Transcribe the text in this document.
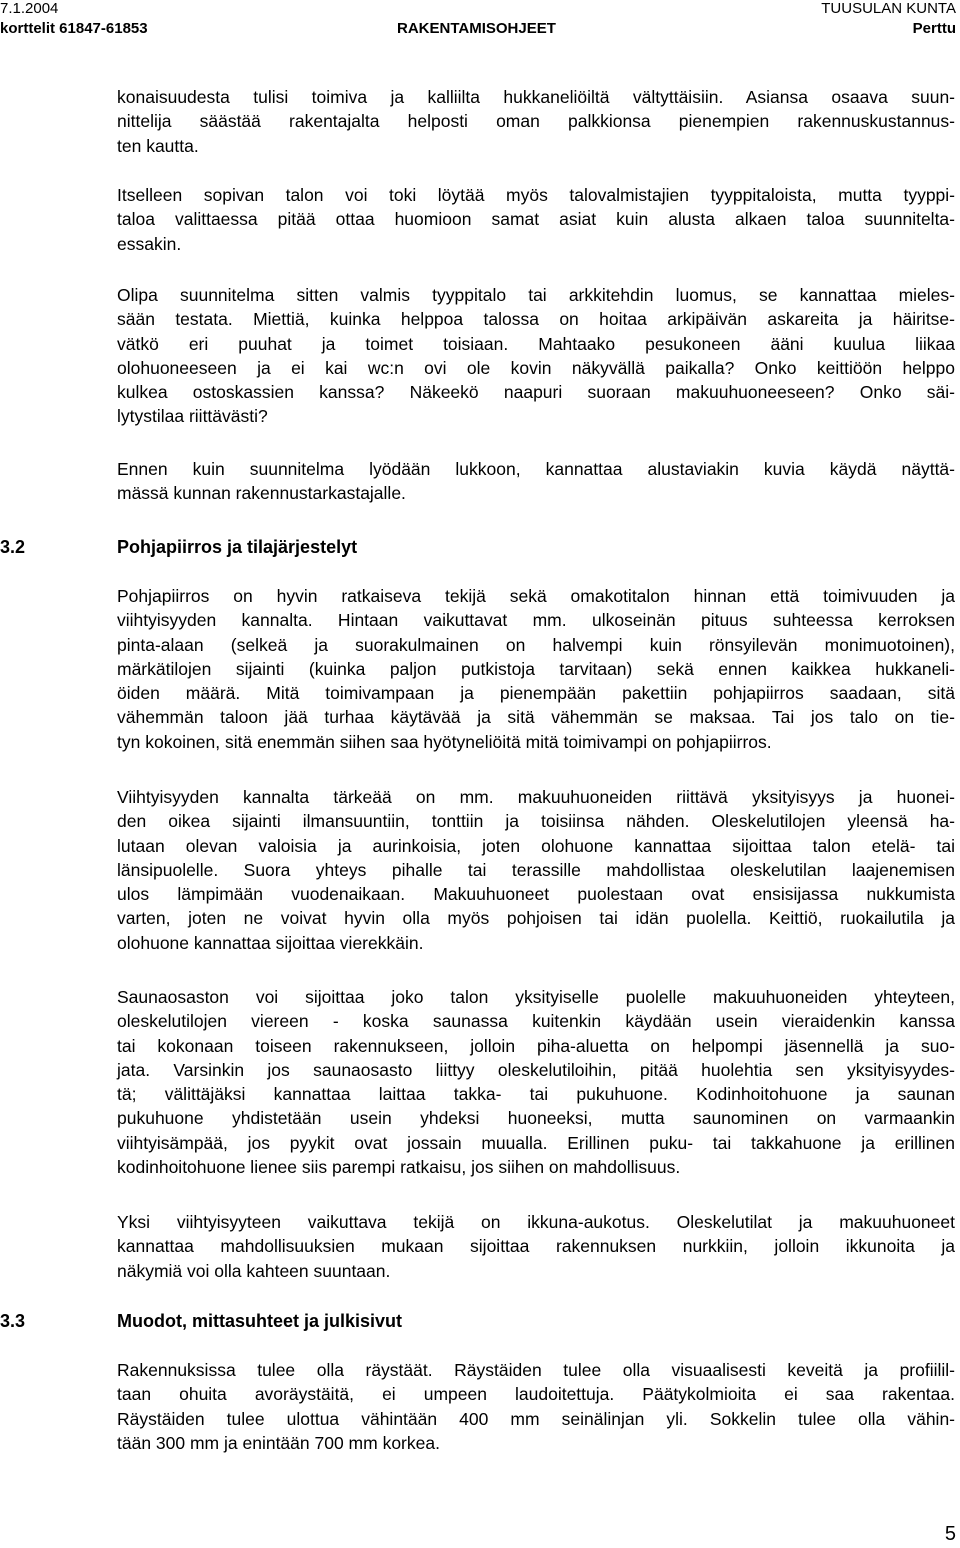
7.1.2004
korttelit 61847-61853	RAKENTAMISOHJEET
TUUSULAN KUNTA
Perttu
konaisuudesta tulisi toimiva ja kalliilta hukkaneliöiltä vältyttäisiin. Asiansa osaava suun-
nittelija säästää rakentajalta helposti oman palkkionsa pienempien rakennuskustannus-
ten kautta.
Itselleen sopivan talon voi toki löytää myös talovalmistajien tyyppitaloista, mutta tyyppi-
taloa valittaessa pitää ottaa huomioon samat asiat kuin alusta alkaen taloa suunnitelta-
essakin.
Olipa suunnitelma sitten valmis tyyppitalo tai arkkitehdin luomus, se kannattaa mieles-
sään testata. Miettiä, kuinka helppoa talossa on hoitaa arkipäivän askareita ja häiritse-
vätkö eri puuhat ja toimet toisiaan. Mahtaako pesukoneen ääni kuulua liikaa
olohuoneeseen ja ei kai wc:n ovi ole kovin näkyvällä paikalla? Onko keittiöön helppo
kulkea ostoskassien kanssa? Näkeekö naapuri suoraan makuuhuoneeseen? Onko säi-
lytystilaa riittävästi?
Ennen kuin suunnitelma lyödään lukkoon, kannattaa alustaviakin kuvia käydä näyttä-
mässä kunnan rakennustarkastajalle.
3.2	Pohjapiirros ja tilajärjestelyt
Pohjapiirros on hyvin ratkaiseva tekijä sekä omakotitalon hinnan että toimivuuden ja
viihtyisyyden kannalta. Hintaan vaikuttavat mm. ulkoseinän pituus suhteessa kerroksen
pinta-alaan (selkeä ja suorakulmainen on halvempi kuin rönsyilevän monimuotoinen),
märkätilojen sijainti (kuinka paljon putkistoja tarvitaan) sekä ennen kaikkea hukkaneli-
öiden määrä. Mitä toimivampaan ja pienempään pakettiin pohjapiirros saadaan, sitä
vähemmän taloon jää turhaa käytävää ja sitä vähemmän se maksaa. Tai jos talo on tie-
tyn kokoinen, sitä enemmän siihen saa hyötyneliöitä mitä toimivampi on pohjapiirros.
Viihtyisyyden kannalta tärkeää on mm. makuuhuoneiden riittävä yksityisyys ja huonei-
den oikea sijainti ilmansuuntiin, tonttiin ja toisiinsa nähden. Oleskelutilojen yleensä ha-
lutaan olevan valoisia ja aurinkoisia, joten olohuone kannattaa sijoittaa talon etelä- tai
länsipuolelle. Suora yhteys pihalle tai terassille mahdollistaa oleskelutilan laajenemisen
ulos lämpimään vuodenaikaan. Makuuhuoneet puolestaan ovat ensisijassa nukkumista
varten, joten ne voivat hyvin olla myös pohjoisen tai idän puolella. Keittiö, ruokailutila ja
olohuone kannattaa sijoittaa vierekkäin.
Saunaosaston voi sijoittaa joko talon yksityiselle puolelle makuuhuoneiden yhteyteen,
oleskelutilojen viereen - koska saunassa kuitenkin käydään usein vieraidenkin kanssa
tai kokonaan toiseen rakennukseen, jolloin piha-aluetta on helpompi jäsennellä ja suo-
jata. Varsinkin jos saunaosasto liittyy oleskelutiloihin, pitää huolehtia sen yksityisyydes-
tä; välittäjäksi kannattaa laittaa takka- tai pukuhuone. Kodinhoitohuone ja saunan
pukuhuone yhdistetään usein yhdeksi huoneeksi, mutta saunominen on varmaankin
viihtyisämpää, jos pyykit ovat jossain muualla. Erillinen puku- tai takkahuone ja erillinen
kodinhoitohuone lienee siis parempi ratkaisu, jos siihen on mahdollisuus.
Yksi viihtyisyyteen vaikuttava tekijä on ikkuna-aukotus. Oleskelutilat ja makuuhuoneet
kannattaa mahdollisuuksien mukaan sijoittaa rakennuksen nurkkiin, jolloin ikkunoita ja
näkymiä voi olla kahteen suuntaan.
3.3	Muodot, mittasuhteet ja julkisivut
Rakennuksissa tulee olla räystäät. Räystäiden tulee olla visuaalisesti keveitä ja profiilil-
taan ohuita avoräystäitä, ei umpeen laudoitettuja. Päätykolmioita ei saa rakentaa.
Räystäiden tulee ulottua vähintään 400 mm seinälinjan yli. Sokkelin tulee olla vähin-
tään 300 mm ja enintään 700 mm korkea.
5
